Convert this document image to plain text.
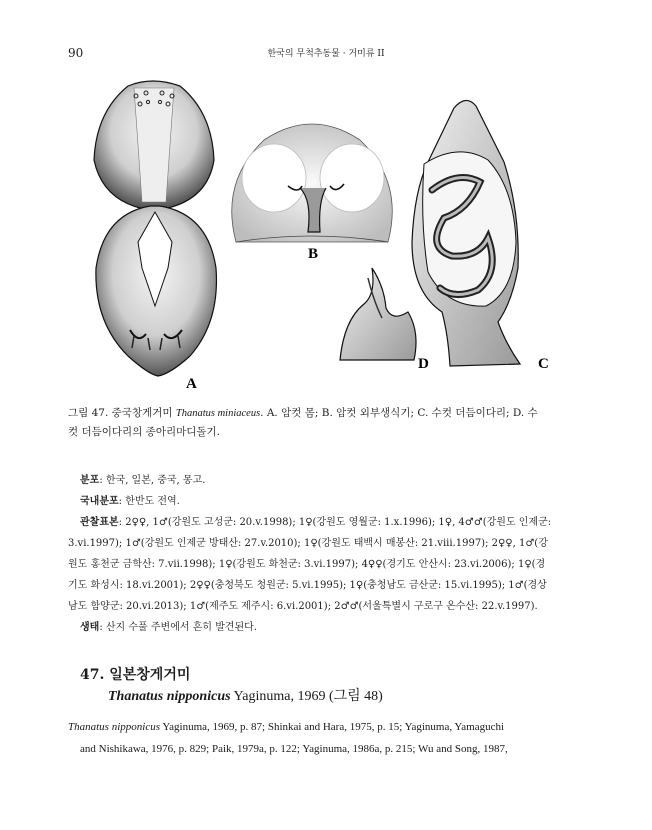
90	한국의 무척추동물 · 거미류 II
A
B
D	C
그림 47. 중국창게거미 Thanatus miniaceus. A. 암컷 몸; B. 암컷 외부생식기; C. 수컷 더듬이다리; D. 수
컷 더듬이다리의 종아리마디돌기.

분포: 한국, 일본, 중국, 몽고.

국내분포: 한반도 전역.

관찰표본: 2♀♀, 1♂(강원도 고성군: 20.v.1998); 1♀(강원도 영월군: 1.x.1996); 1♀, 4♂♂(강원도 인제군:

3.vi.1997); 1♂(강원도 인제군 방태산: 27.v.2010); 1♀(강원도 태백시 매봉산: 21.viii.1997); 2♀♀, 1♂(강

원도 홍천군 금학산: 7.vii.1998); 1♀(강원도 화천군: 3.vi.1997); 4♀♀(경기도 안산시: 23.vi.2006); 1♀(경

기도 화성시: 18.vi.2001); 2♀♀(충청북도 청원군: 5.vi.1995); 1♀(충청남도 금산군: 15.vi.1995); 1♂(경상

남도 함양군: 20.vi.2013); 1♂(제주도 제주시: 6.vi.2001); 2♂♂(서울특별시 구로구 온수산: 22.v.1997).

생태: 산지 수풀 주변에서 흔히 발견된다.

47. 일본창게거미
Thanatus nipponicus Yaginuma, 1969 (그림 48)

Thanatus nipponicus Yaginuma, 1969, p. 87; Shinkai and Hara, 1975, p. 15; Yaginuma, Yamaguchi

and Nishikawa, 1976, p. 829; Paik, 1979a, p. 122; Yaginuma, 1986a, p. 215; Wu and Song, 1987,
